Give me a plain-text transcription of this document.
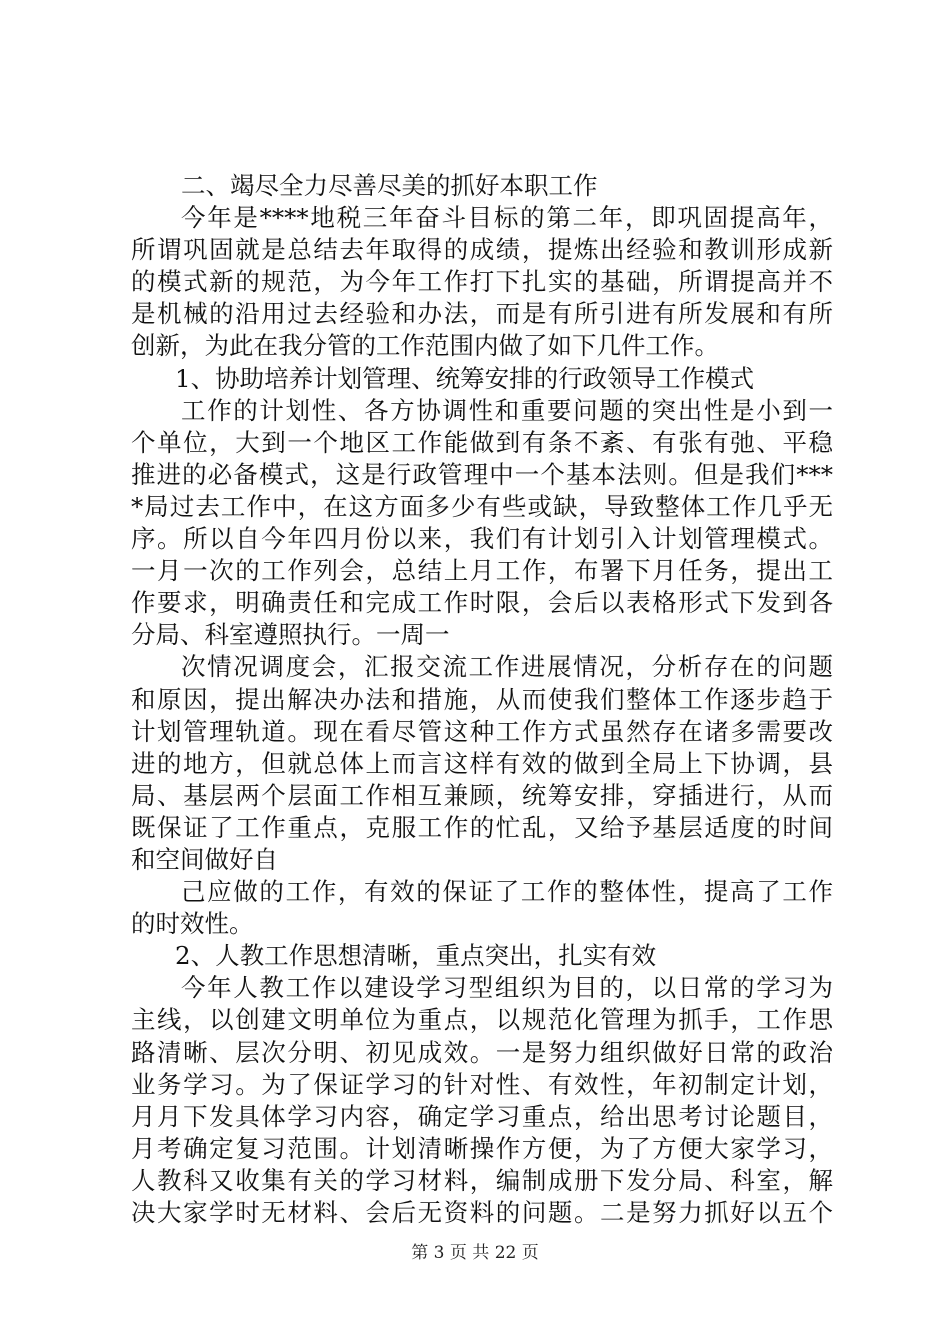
二、竭尽全力尽善尽美的抓好本职工作
今年是****地税三年奋斗目标的第二年，即巩固提高年，
所谓巩固就是总结去年取得的成绩，提炼出经验和教训形成新
的模式新的规范，为今年工作打下扎实的基础，所谓提高并不
是机械的沿用过去经验和办法，而是有所引进有所发展和有所
创新，为此在我分管的工作范围内做了如下几件工作。
1、协助培养计划管理、统筹安排的行政领导工作模式
工作的计划性、各方协调性和重要问题的突出性是小到一
个单位，大到一个地区工作能做到有条不紊、有张有弛、平稳
推进的必备模式，这是行政管理中一个基本法则。但是我们***
*局过去工作中，在这方面多少有些或缺，导致整体工作几乎无
序。所以自今年四月份以来，我们有计划引入计划管理模式。
一月一次的工作列会，总结上月工作，布署下月任务，提出工
作要求，明确责任和完成工作时限，会后以表格形式下发到各
分局、科室遵照执行。一周一
次情况调度会，汇报交流工作进展情况，分析存在的问题
和原因，提出解决办法和措施，从而使我们整体工作逐步趋于
计划管理轨道。现在看尽管这种工作方式虽然存在诸多需要改
进的地方，但就总体上而言这样有效的做到全局上下协调，县
局、基层两个层面工作相互兼顾，统筹安排，穿插进行，从而
既保证了工作重点，克服工作的忙乱，又给予基层适度的时间
和空间做好自
己应做的工作，有效的保证了工作的整体性，提高了工作
的时效性。
2、人教工作思想清晰，重点突出，扎实有效
今年人教工作以建设学习型组织为目的，以日常的学习为
主线，以创建文明单位为重点，以规范化管理为抓手，工作思
路清晰、层次分明、初见成效。一是努力组织做好日常的政治
业务学习。为了保证学习的针对性、有效性，年初制定计划，
月月下发具体学习内容，确定学习重点，给出思考讨论题目，
月考确定复习范围。计划清晰操作方便，为了方便大家学习，
人教科又收集有关的学习材料，编制成册下发分局、科室，解
决大家学时无材料、会后无资料的问题。二是努力抓好以五个
第 3 页 共 22 页
